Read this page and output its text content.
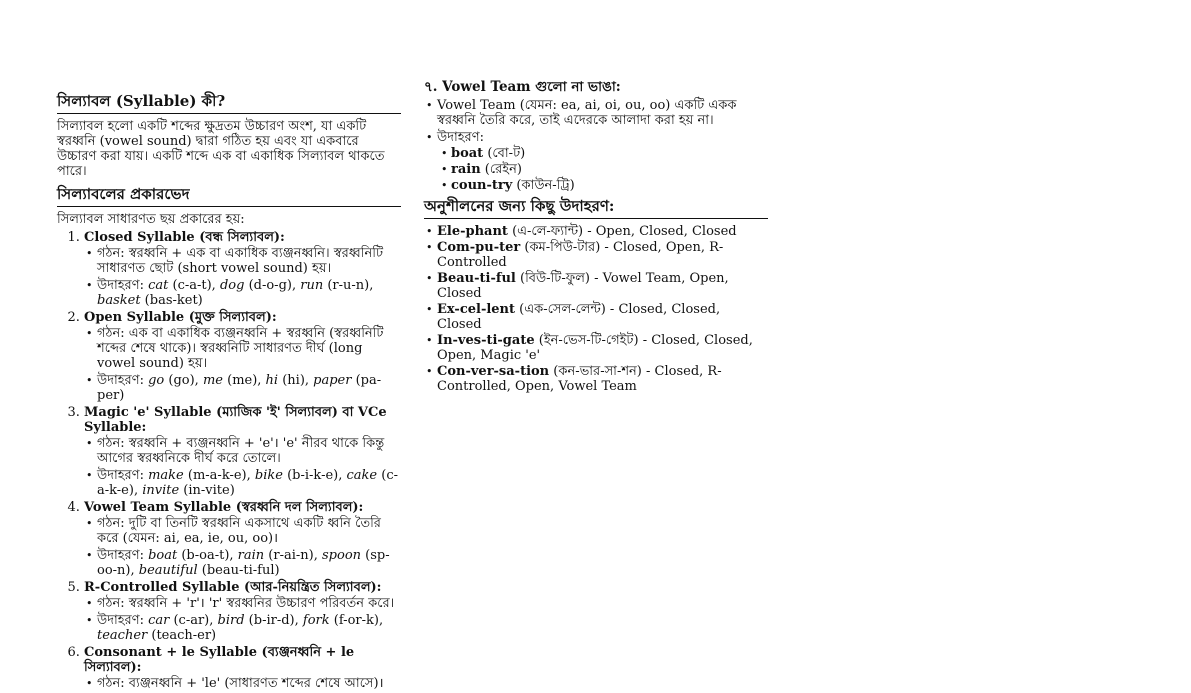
সিল্যাবল (Syllable) কী?

সিল্যাবল হলো একটি শব্দের ক্ষুদ্রতম উচ্চারণ অংশ, যা একটি স্বরধ্বনি (vowel sound) দ্বারা গঠিত হয় এবং যা একবারে উচ্চারণ করা যায়। একটি শব্দে এক বা একাধিক সিল্যাবল থাকতে পারে।

সিল্যাবলের প্রকারভেদ
সিল্যাবল সাধারণত ছয় প্রকারের হয়:
1. Closed Syllable (বন্ধ সিল্যাবল):
• গঠন: স্বরধ্বনি + এক বা একাধিক ব্যঞ্জনধ্বনি। স্বরধ্বনিটি সাধারণত ছোট (short vowel sound) হয়।
• উদাহরণ: cat (c-a-t), dog (d-o-g), run (r-u-n), basket (bas-ket)
2. Open Syllable (মুক্ত সিল্যাবল):
• গঠন: এক বা একাধিক ব্যঞ্জনধ্বনি + স্বরধ্বনি (স্বরধ্বনিটি শব্দের শেষে থাকে)। স্বরধ্বনিটি সাধারণত দীর্ঘ (long vowel sound) হয়।
• উদাহরণ: go (go), me (me), hi (hi), paper (pa-per)
3. Magic 'e' Syllable (ম্যাজিক 'ই' সিল্যাবল) বা VCe Syllable:
• গঠন: স্বরধ্বনি + ব্যঞ্জনধ্বনি + 'e'। 'e' নীরব থাকে কিন্তু আগের স্বরধ্বনিকে দীর্ঘ করে তোলে।
• উদাহরণ: make (m-a-k-e), bike (b-i-k-e), cake (c-a-k-e), invite (in-vite)
4. Vowel Team Syllable (স্বরধ্বনি দল সিল্যাবল):
• গঠন: দুটি বা তিনটি স্বরধ্বনি একসাথে একটি ধ্বনি তৈরি করে (যেমন: ai, ea, ie, ou, oo)।
• উদাহরণ: boat (b-oa-t), rain (r-ai-n), spoon (sp-oo-n), beautiful (beau-ti-ful)
5. R-Controlled Syllable (আর-নিয়ন্ত্রিত সিল্যাবল):
• গঠন: স্বরধ্বনি + 'r'। 'r' স্বরধ্বনির উচ্চারণ পরিবর্তন করে।
• উদাহরণ: car (c-ar), bird (b-ir-d), fork (f-or-k), teacher (teach-er)
6. Consonant + le Syllable (ব্যঞ্জনধ্বনি + le সিল্যাবল):
• গঠন: ব্যঞ্জনধ্বনি + 'le' (সাধারণত শব্দের শেষে আসে)।
৭. Vowel Team গুলো না ভাঙা:
• Vowel Team (যেমন: ea, ai, oi, ou, oo) একটি একক স্বরধ্বনি তৈরি করে, তাই এদেরকে আলাদা করা হয় না।
• উদাহরণ:
• boat (বো-ট)
• rain (রেইন)
• coun-try (কাউন-ট্রি)
অনুশীলনের জন্য কিছু উদাহরণ:
• Ele-phant (এ-লে-ফ্যান্ট) - Open, Closed, Closed
• Com-pu-ter (কম-পিউ-টার) - Closed, Open, R-Controlled
• Beau-ti-ful (বিউ-টি-ফুল) - Vowel Team, Open, Closed
• Ex-cel-lent (এক-সেল-লেন্ট) - Closed, Closed, Closed
• In-ves-ti-gate (ইন-ভেস-টি-গেইট) - Closed, Closed, Open, Magic 'e'
• Con-ver-sa-tion (কন-ভার-সা-শন) - Closed, R-Controlled, Open, Vowel Team
